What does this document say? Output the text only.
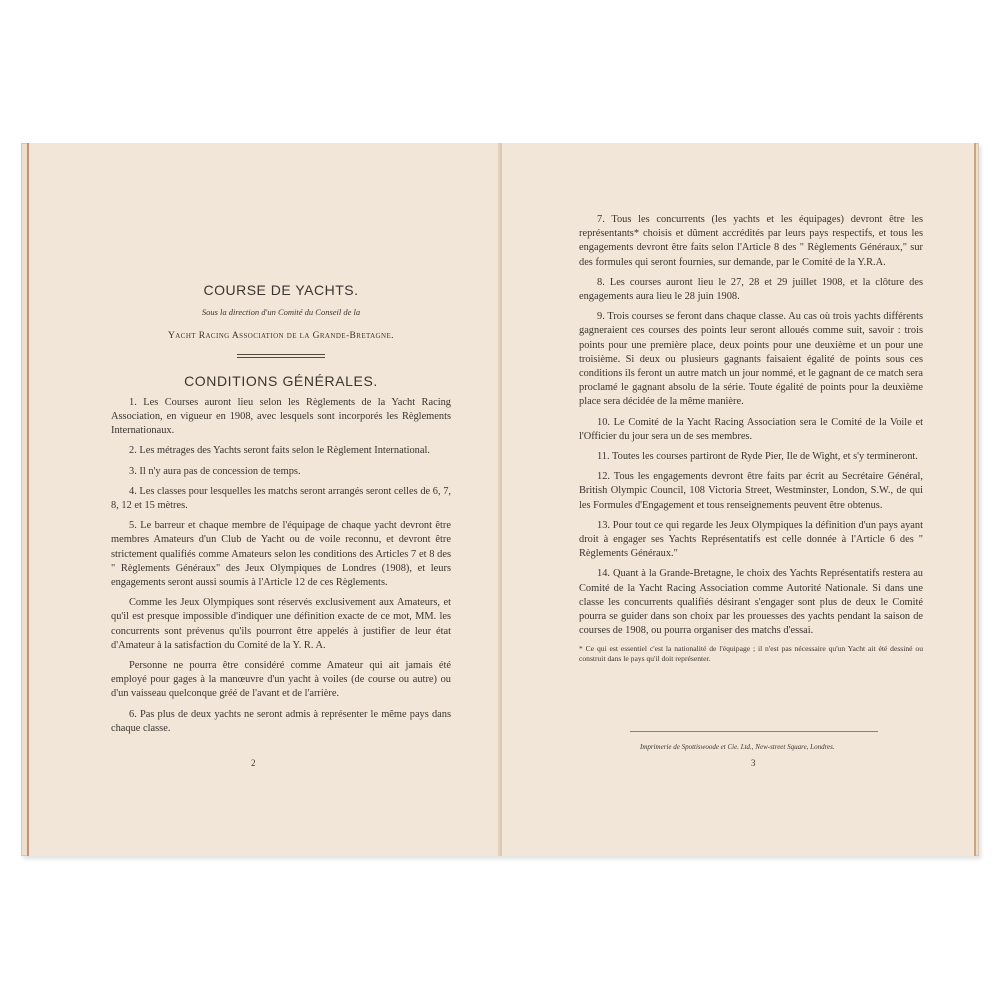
COURSE DE YACHTS.
Sous la direction d'un Comité du Conseil de la
Yacht Racing Association de la Grande-Bretagne.
CONDITIONS GÉNÉRALES.

1. Les Courses auront lieu selon les Règlements de la Yacht Racing Association, en vigueur en 1908, avec lesquels sont incorporés les Règlements Internationaux.

2. Les métrages des Yachts seront faits selon le Règlement International.

3. Il n'y aura pas de concession de temps.

4. Les classes pour lesquelles les matchs seront arrangés seront celles de 6, 7, 8, 12 et 15 mètres.

5. Le barreur et chaque membre de l'équipage de chaque yacht devront être membres Amateurs d'un Club de Yacht ou de voile reconnu, et devront être strictement qualifiés comme Amateurs selon les conditions des Articles 7 et 8 des " Règlements Généraux" des Jeux Olympiques de Londres (1908), et leurs engagements seront aussi soumis à l'Article 12 de ces Règlements.

Comme les Jeux Olympiques sont réservés exclusivement aux Amateurs, et qu'il est presque impossible d'indiquer une définition exacte de ce mot, MM. les concurrents sont prévenus qu'ils pourront être appelés à justifier de leur état d'Amateur à la satisfaction du Comité de la Y. R. A.

Personne ne pourra être considéré comme Amateur qui ait jamais été employé pour gages à la manœuvre d'un yacht à voiles (de course ou autre) ou d'un vaisseau quelconque gréé de l'avant et de l'arrière.

6. Pas plus de deux yachts ne seront admis à représenter le même pays dans chaque classe.

2

7. Tous les concurrents (les yachts et les équipages) devront être les représentants* choisis et dûment accrédités par leurs pays respectifs, et tous les engagements devront être faits selon l'Article 8 des " Règlements Généraux," sur des formules qui seront fournies, sur demande, par le Comité de la Y.R.A.

8. Les courses auront lieu le 27, 28 et 29 juillet 1908, et la clôture des engagements aura lieu le 28 juin 1908.

9. Trois courses se feront dans chaque classe. Au cas où trois yachts différents gagneraient ces courses des points leur seront alloués comme suit, savoir : trois points pour une première place, deux points pour une deuxième et un pour une troisième. Si deux ou plusieurs gagnants faisaient égalité de points sous ces conditions ils feront un autre match un jour nommé, et le gagnant de ce match sera proclamé le gagnant absolu de la série. Toute égalité de points pour la deuxième place sera décidée de la même manière.

10. Le Comité de la Yacht Racing Association sera le Comité de la Voile et l'Officier du jour sera un de ses membres.

11. Toutes les courses partiront de Ryde Pier, Ile de Wight, et s'y termineront.

12. Tous les engagements devront être faits par écrit au Secrétaire Général, British Olympic Council, 108 Victoria Street, Westminster, London, S.W., de qui les Formules d'Engagement et tous renseignements peuvent être obtenus.

13. Pour tout ce qui regarde les Jeux Olympiques la définition d'un pays ayant droit à engager ses Yachts Représentatifs est celle donnée à l'Article 6 des " Règlements Généraux."

14. Quant à la Grande-Bretagne, le choix des Yachts Représentatifs restera au Comité de la Yacht Racing Association comme Autorité Nationale. Si dans une classe les concurrents qualifiés désirant s'engager sont plus de deux le Comité pourra se guider dans son choix par les prouesses des yachts pendant la saison de courses de 1908, ou pourra organiser des matchs d'essai.

* Ce qui est essentiel c'est la nationalité de l'équipage ; il n'est pas nécessaire qu'un Yacht ait été dessiné ou construit dans le pays qu'il doit représenter.
Imprimerie de Spottiswoode et Cie. Ltd., New-street Square, Londres.
3
